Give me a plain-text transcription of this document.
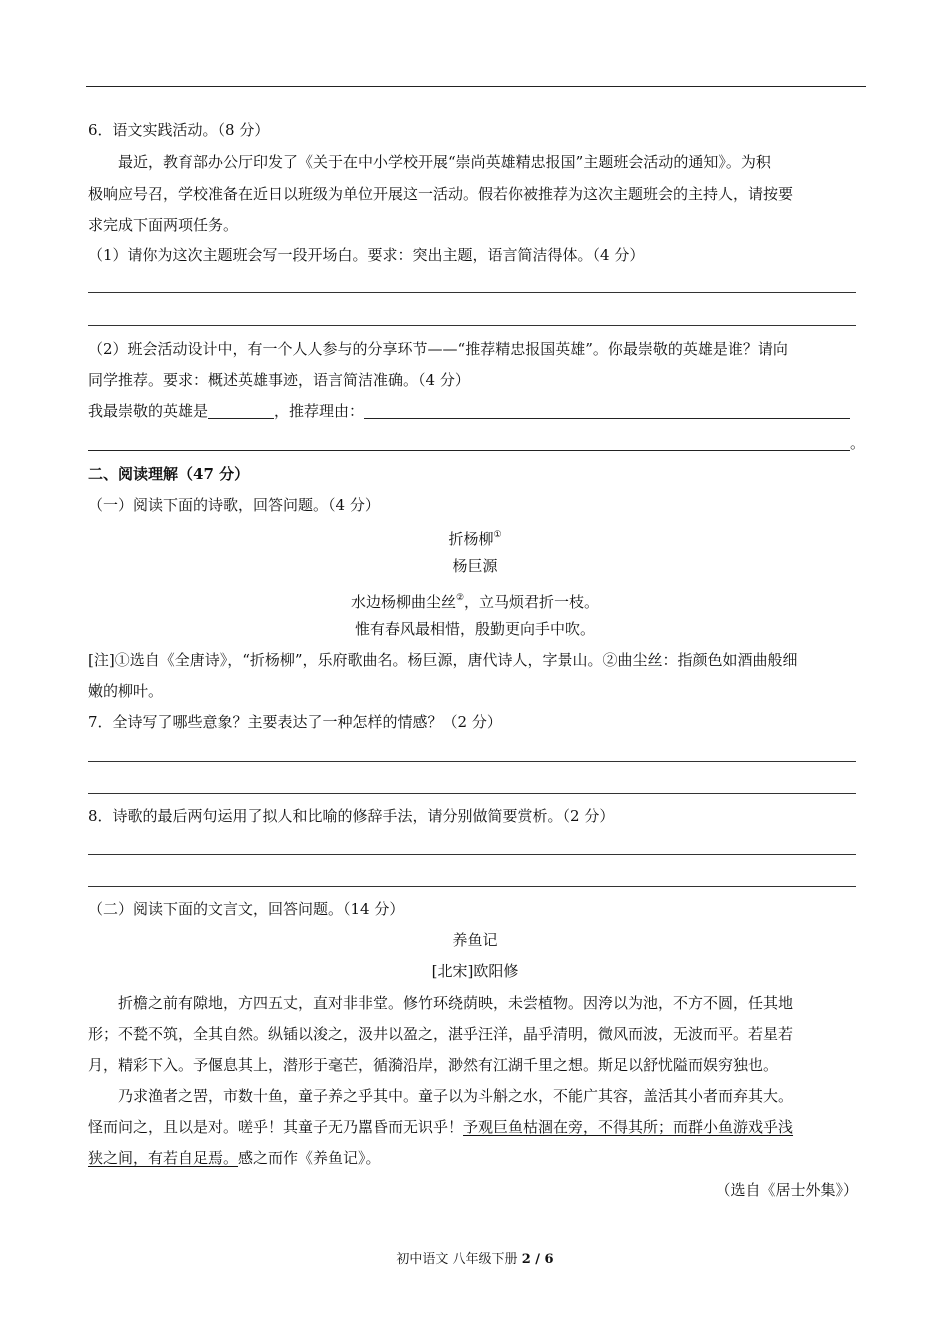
6．语文实践活动。（8 分）
最近，教育部办公厅印发了《关于在中小学校开展“崇尚英雄精忠报国”主题班会活动的通知》。为积
极响应号召，学校准备在近日以班级为单位开展这一活动。假若你被推荐为这次主题班会的主持人，请按要
求完成下面两项任务。
（1）请你为这次主题班会写一段开场白。要求：突出主题，语言简洁得体。（4 分）
（2）班会活动设计中，有一个人人参与的分享环节——“推荐精忠报国英雄”。你最崇敬的英雄是谁？请向
同学推荐。要求：概述英雄事迹，语言简洁准确。（4 分）
我最崇敬的英雄是	，推荐理由：
。
二、阅读理解（47 分）
（一）阅读下面的诗歌，回答问题。（4 分）
折杨柳①
杨巨源
水边杨柳曲尘丝②，立马烦君折一枝。
惟有春风最相惜，殷勤更向手中吹。
[注]①选自《全唐诗》，“折杨柳”，乐府歌曲名。杨巨源，唐代诗人，字景山。②曲尘丝：指颜色如酒曲般细
嫩的柳叶。
7．全诗写了哪些意象？主要表达了一种怎样的情感？（2 分）
8．诗歌的最后两句运用了拟人和比喻的修辞手法，请分别做简要赏析。（2 分）
（二）阅读下面的文言文，回答问题。（14 分）
养鱼记
[北宋]欧阳修
折檐之前有隙地，方四五丈，直对非非堂。修竹环绕荫映，未尝植物。因洿以为池，不方不圆，任其地
形；不甃不筑，全其自然。纵锸以浚之，汲井以盈之，湛乎汪洋，晶乎清明，微风而波，无波而平。若星若
月，精彩下入。予偃息其上，潜形于毫芒，循漪沿岸，渺然有江湖千里之想。斯足以舒忧隘而娱穷独也。
乃求渔者之罟，市数十鱼，童子养之乎其中。童子以为斗斛之水，不能广其容，盖活其小者而弃其大。
怪而问之，且以是对。嗟乎！其童子无乃嚚昏而无识乎！予观巨鱼枯涸在旁，不得其所；而群小鱼游戏乎浅
狭之间，有若自足焉。感之而作《养鱼记》。
（选自《居士外集》）
初中语文 八年级下册 2 / 6
